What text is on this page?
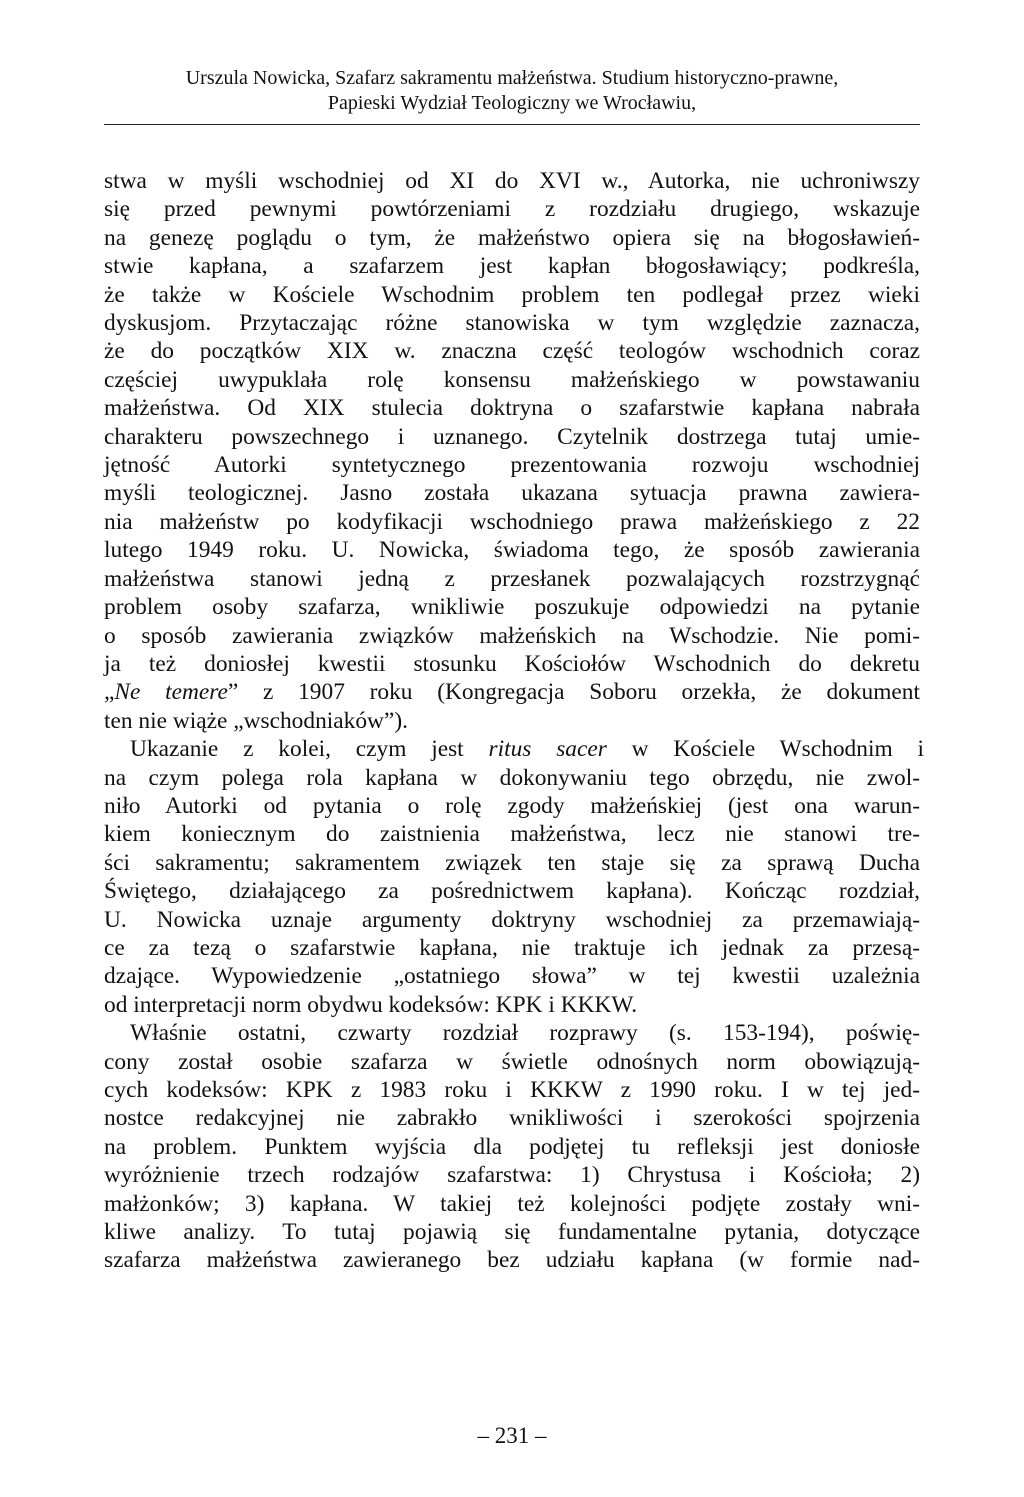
Urszula Nowicka, Szafarz sakramentu małżeństwa. Studium historyczno-prawne,
Papieski Wydział Teologiczny we Wrocławiu,
stwa w myśli wschodniej od XI do XVI w., Autorka, nie uchroniwszy
się przed pewnymi powtórzeniami z rozdziału drugiego, wskazuje
na genezę poglądu o tym, że małżeństwo opiera się na błogosławień-
stwie kapłana, a szafarzem jest kapłan błogosławiący; podkreśla,
że także w Kościele Wschodnim problem ten podlegał przez wieki
dyskusjom. Przytaczając różne stanowiska w tym względzie zaznacza,
że do początków XIX w. znaczna część teologów wschodnich coraz
częściej uwypuklała rolę konsensu małżeńskiego w powstawaniu
małżeństwa. Od XIX stulecia doktryna o szafarstwie kapłana nabrała
charakteru powszechnego i uznanego. Czytelnik dostrzega tutaj umie-
jętność Autorki syntetycznego prezentowania rozwoju wschodniej
myśli teologicznej. Jasno została ukazana sytuacja prawna zawiera-
nia małżeństw po kodyfikacji wschodniego prawa małżeńskiego z 22
lutego 1949 roku. U. Nowicka, świadoma tego, że sposób zawierania
małżeństwa stanowi jedną z przesłanek pozwalających rozstrzygnąć
problem osoby szafarza, wnikliwie poszukuje odpowiedzi na pytanie
o sposób zawierania związków małżeńskich na Wschodzie. Nie pomi-
ja też doniosłej kwestii stosunku Kościołów Wschodnich do dekretu
„Ne temere” z 1907 roku (Kongregacja Soboru orzekła, że dokument
ten nie wiąże „wschodniaków”).
Ukazanie z kolei, czym jest ritus sacer w Kościele Wschodnim i
na czym polega rola kapłana w dokonywaniu tego obrzędu, nie zwol-
niło Autorki od pytania o rolę zgody małżeńskiej (jest ona warun-
kiem koniecznym do zaistnienia małżeństwa, lecz nie stanowi tre-
ści sakramentu; sakramentem związek ten staje się za sprawą Ducha
Świętego, działającego za pośrednictwem kapłana). Kończąc rozdział,
U. Nowicka uznaje argumenty doktryny wschodniej za przemawiają-
ce za tezą o szafarstwie kapłana, nie traktuje ich jednak za przesą-
dzające. Wypowiedzenie „ostatniego słowa” w tej kwestii uzależnia
od interpretacji norm obydwu kodeksów: KPK i KKKW.
Właśnie ostatni, czwarty rozdział rozprawy (s. 153-194), poświę-
cony został osobie szafarza w świetle odnośnych norm obowiązują-
cych kodeksów: KPK z 1983 roku i KKKW z 1990 roku. I w tej jed-
nostce redakcyjnej nie zabrakło wnikliwości i szerokości spojrzenia
na problem. Punktem wyjścia dla podjętej tu refleksji jest doniosłe
wyróżnienie trzech rodzajów szafarstwa: 1) Chrystusa i Kościoła; 2)
małżonków; 3) kapłana. W takiej też kolejności podjęte zostały wni-
kliwe analizy. To tutaj pojawią się fundamentalne pytania, dotyczące
szafarza małżeństwa zawieranego bez udziału kapłana (w formie nad-
– 231 –
